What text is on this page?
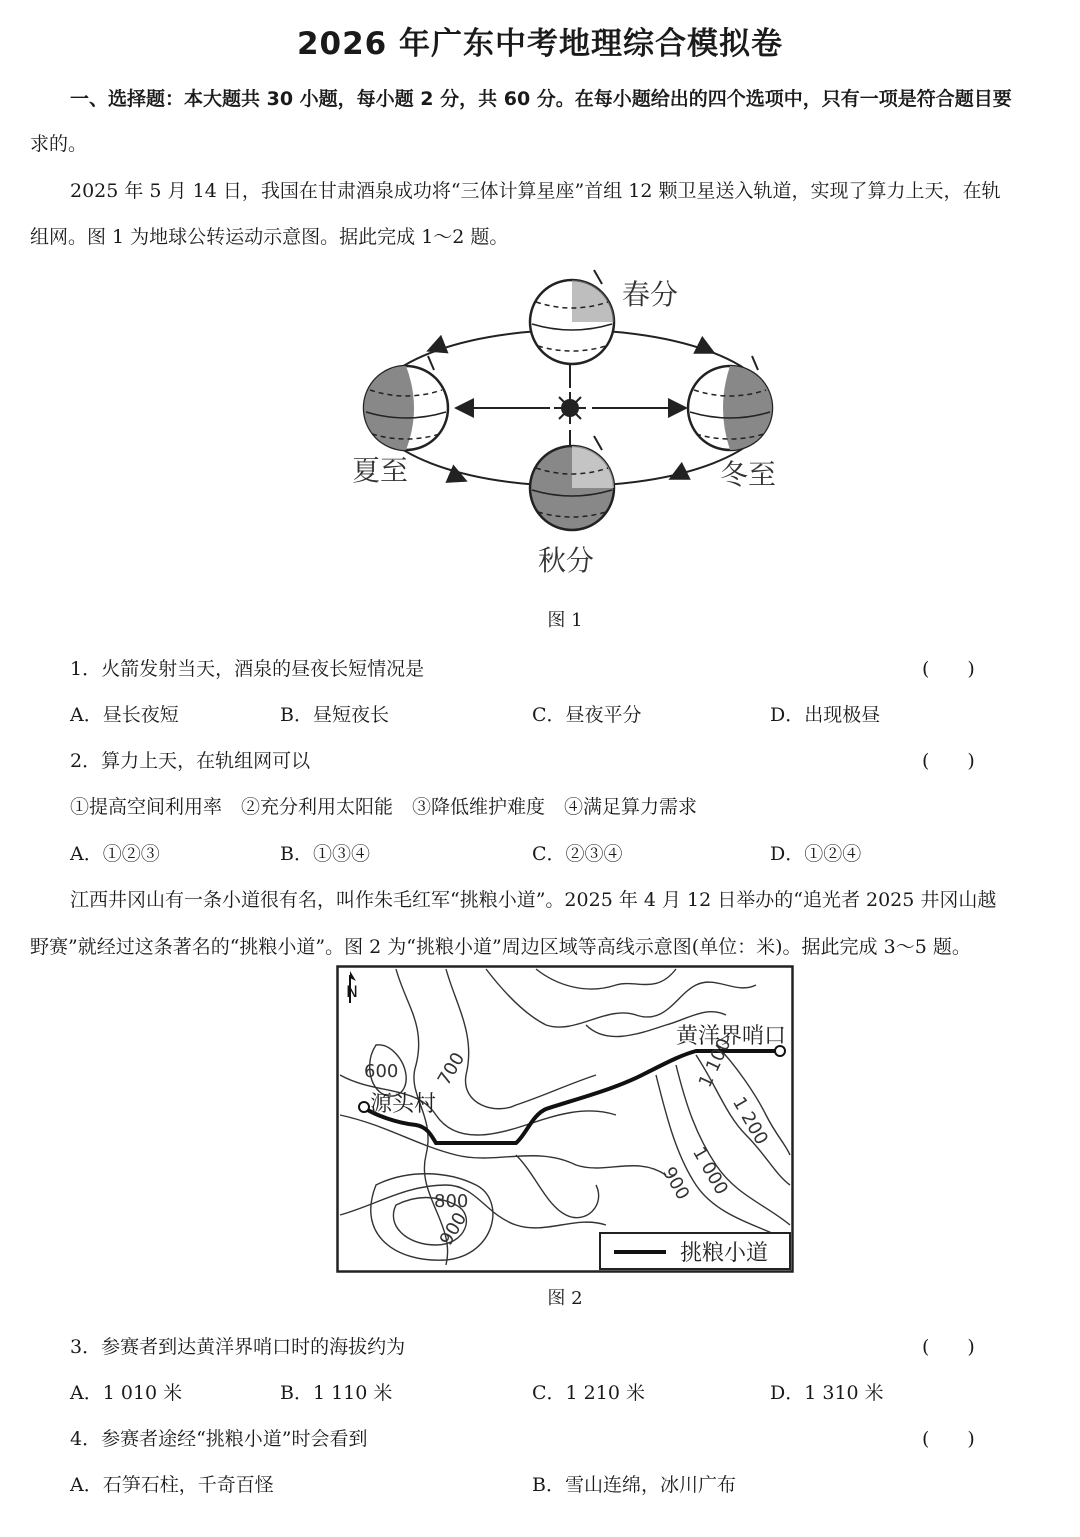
2026 年广东中考地理综合模拟卷
一、选择题：本大题共 30 小题，每小题 2 分，共 60 分。在每小题给出的四个选项中，只有一项是符合题目要
求的。
2025 年 5 月 14 日，我国在甘肃酒泉成功将“三体计算星座”首组 12 颗卫星送入轨道，实现了算力上天，在轨
组网。图 1 为地球公转运动示意图。据此完成 1～2 题。
春分
夏至	冬至
秋分
图 1
1．火箭发射当天，酒泉的昼夜长短情况是	(　　)
A．昼长夜短	B．昼短夜长	C．昼夜平分	D．出现极昼
2．算力上天，在轨组网可以	(　　)
①提高空间利用率　②充分利用太阳能　③降低维护难度　④满足算力需求
A．①②③	B．①③④	C．②③④	D．①②④
江西井冈山有一条小道很有名，叫作朱毛红军“挑粮小道”。2025 年 4 月 12 日举办的“追光者 2025 井冈山越
野赛”就经过这条著名的“挑粮小道”。图 2 为“挑粮小道”周边区域等高线示意图(单位：米)。据此完成 3～5 题。
N
源头村
黄洋界哨口
600 700	1 100
1 200
1 000
900
800
900
挑粮小道
图 2
3．参赛者到达黄洋界哨口时的海拔约为	(　　)
A．1 010 米	B．1 110 米	C．1 210 米	D．1 310 米
4．参赛者途经“挑粮小道”时会看到	(　　)
A．石笋石柱，千奇百怪	B．雪山连绵，冰川广布
